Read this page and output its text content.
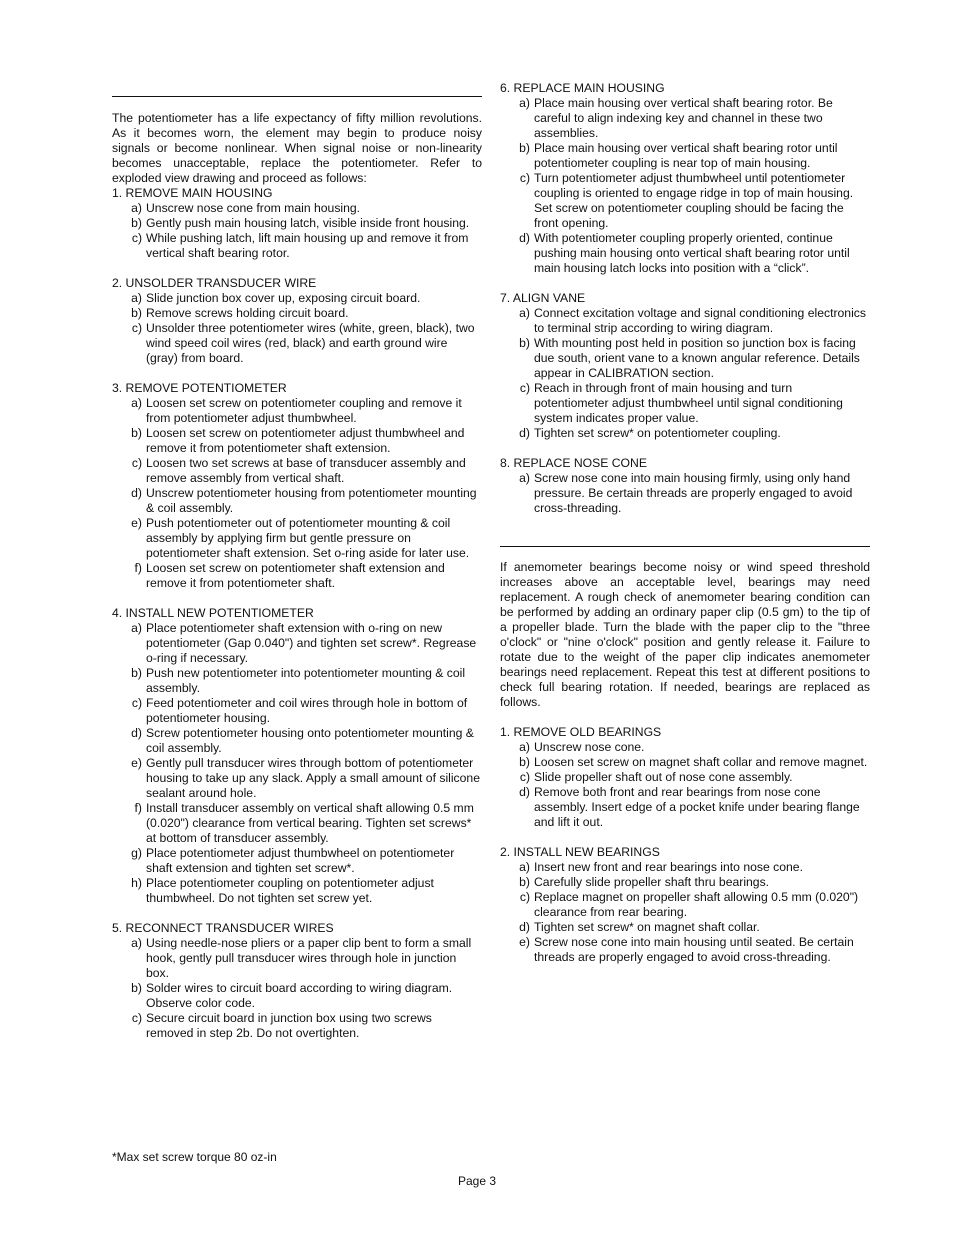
The potentiometer has a life expectancy of fifty million revolutions. As it becomes worn, the element may begin to produce noisy signals or become nonlinear. When signal noise or non-linearity becomes unacceptable, replace the potentiometer. Refer to exploded view drawing and proceed as follows:

1. REMOVE MAIN HOUSING

a) Unscrew nose cone from main housing.
b) Gently push main housing latch, visible inside front housing.
c) While pushing latch, lift main housing up and remove it from vertical shaft bearing rotor.

2. UNSOLDER TRANSDUCER WIRE

a) Slide junction box cover up, exposing circuit board.
b) Remove screws holding circuit board.
c) Unsolder three potentiometer wires (white, green, black), two wind speed coil wires (red, black) and earth ground wire (gray) from board.

3. REMOVE POTENTIOMETER

a) Loosen set screw on potentiometer coupling and remove it from potentiometer adjust thumbwheel.
b) Loosen set screw on potentiometer adjust thumbwheel and remove it from potentiometer shaft extension.
c) Loosen two set screws at base of transducer assembly and remove assembly from vertical shaft.
d) Unscrew potentiometer housing from potentiometer mounting & coil assembly.
e) Push potentiometer out of potentiometer mounting & coil assembly by applying firm but gentle pressure on potentiometer shaft extension. Set o-ring aside for later use.
f) Loosen set screw on potentiometer shaft extension and remove it from potentiometer shaft.

4. INSTALL NEW POTENTIOMETER

a) Place potentiometer shaft extension with o-ring on new potentiometer (Gap 0.040") and tighten set screw*. Regrease o-ring if necessary.
b) Push new potentiometer into potentiometer mounting & coil assembly.
c) Feed potentiometer and coil wires through hole in bottom of potentiometer housing.
d) Screw potentiometer housing onto potentiometer mounting & coil assembly.
e) Gently pull transducer wires through bottom of potentiometer housing to take up any slack. Apply a small amount of silicone sealant around hole.
f) Install transducer assembly on vertical shaft allowing 0.5 mm (0.020") clearance from vertical bearing. Tighten set screws* at bottom of transducer assembly.
g) Place potentiometer adjust thumbwheel on potentiometer shaft extension and tighten set screw*.
h) Place potentiometer coupling on potentiometer adjust thumbwheel. Do not tighten set screw yet.

5. RECONNECT TRANSDUCER WIRES

a) Using needle-nose pliers or a paper clip bent to form a small hook, gently pull transducer wires through hole in junction box.
b) Solder wires to circuit board according to wiring diagram. Observe color code.
c) Secure circuit board in junction box using two screws removed in step 2b. Do not overtighten.

6. REPLACE MAIN HOUSING

a) Place main housing over vertical shaft bearing rotor. Be careful to align indexing key and channel in these two assemblies.
b) Place main housing over vertical shaft bearing rotor until potentiometer coupling is near top of main housing.
c) Turn potentiometer adjust thumbwheel until potentiometer coupling is oriented to engage ridge in top of main housing. Set screw on potentiometer coupling should be facing the front opening.
d) With potentiometer coupling properly oriented, continue pushing main housing onto vertical shaft bearing rotor until main housing latch locks into position with a “click”.

7. ALIGN VANE

a) Connect excitation voltage and signal conditioning electronics to terminal strip according to wiring diagram.
b) With mounting post held in position so junction box is facing due south, orient vane to a known angular reference. Details appear in CALIBRATION section.
c) Reach in through front of main housing and turn potentiometer adjust thumbwheel until signal conditioning system indicates proper value.
d) Tighten set screw* on potentiometer coupling.

8. REPLACE NOSE CONE

a) Screw nose cone into main housing firmly, using only hand pressure. Be certain threads are properly engaged to avoid cross-threading.

If anemometer bearings become noisy or wind speed threshold increases above an acceptable level, bearings may need replacement. A rough check of anemometer bearing condition can be performed by adding an ordinary paper clip (0.5 gm) to the tip of a propeller blade. Turn the blade with the paper clip to the "three o'clock" or "nine o'clock" position and gently release it. Failure to rotate due to the weight of the paper clip indicates anemometer bearings need replacement. Repeat this test at different positions to check full bearing rotation. If needed, bearings are replaced as follows.

1. REMOVE OLD BEARINGS

a) Unscrew nose cone.
b) Loosen set screw on magnet shaft collar and remove magnet.
c) Slide propeller shaft out of nose cone assembly.
d) Remove both front and rear bearings from nose cone assembly. Insert edge of a pocket knife under bearing flange and lift it out.

2. INSTALL NEW BEARINGS

a) Insert new front and rear bearings into nose cone.
b) Carefully slide propeller shaft thru bearings.
c) Replace magnet on propeller shaft allowing 0.5 mm (0.020") clearance from rear bearing.
d) Tighten set screw* on magnet shaft collar.
e) Screw nose cone into main housing until seated. Be certain threads are properly engaged to avoid cross-threading.
*Max set screw torque 80 oz-in
Page 3
